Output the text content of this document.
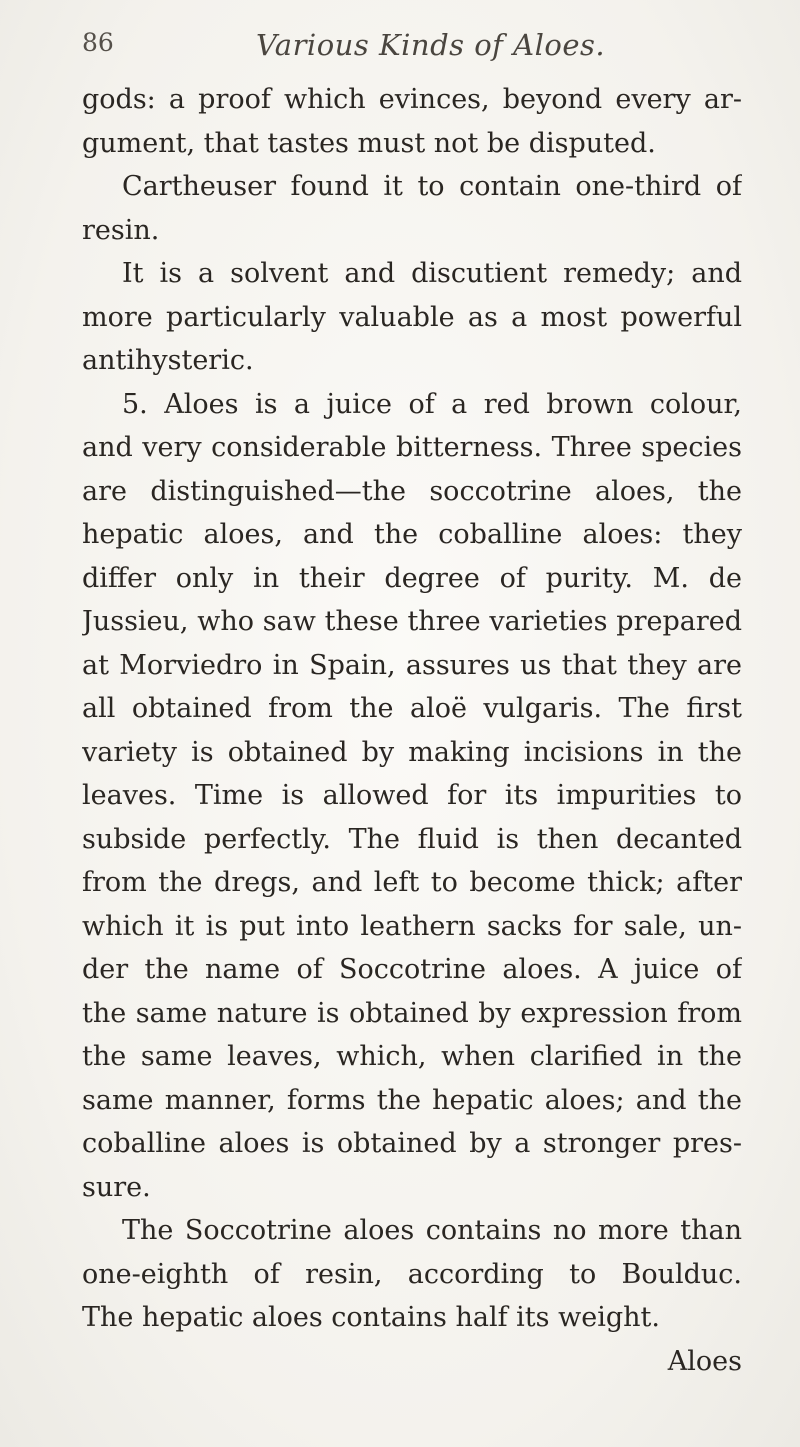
86	Various Kinds of Aloes.
gods: a proof which evinces, beyond every ar-
gument, that tastes must not be disputed.
Cartheuser found it to contain one-third of
resin.
It is a solvent and discutient remedy; and
more particularly valuable as a most powerful
antihysteric.
5. Aloes is a juice of a red brown colour,
and very considerable bitterness. Three species
are distinguished—the soccotrine aloes, the
hepatic aloes, and the coballine aloes: they
differ only in their degree of purity. M. de
Jussieu, who saw these three varieties prepared
at Morviedro in Spain, assures us that they are
all obtained from the aloë vulgaris. The first
variety is obtained by making incisions in the
leaves. Time is allowed for its impurities to
subside perfectly. The fluid is then decanted
from the dregs, and left to become thick; after
which it is put into leathern sacks for sale, un-
der the name of Soccotrine aloes. A juice of
the same nature is obtained by expression from
the same leaves, which, when clarified in the
same manner, forms the hepatic aloes; and the
coballine aloes is obtained by a stronger pres-
sure.
The Soccotrine aloes contains no more than
one-eighth of resin, according to Boulduc.
The hepatic aloes contains half its weight.
Aloes
